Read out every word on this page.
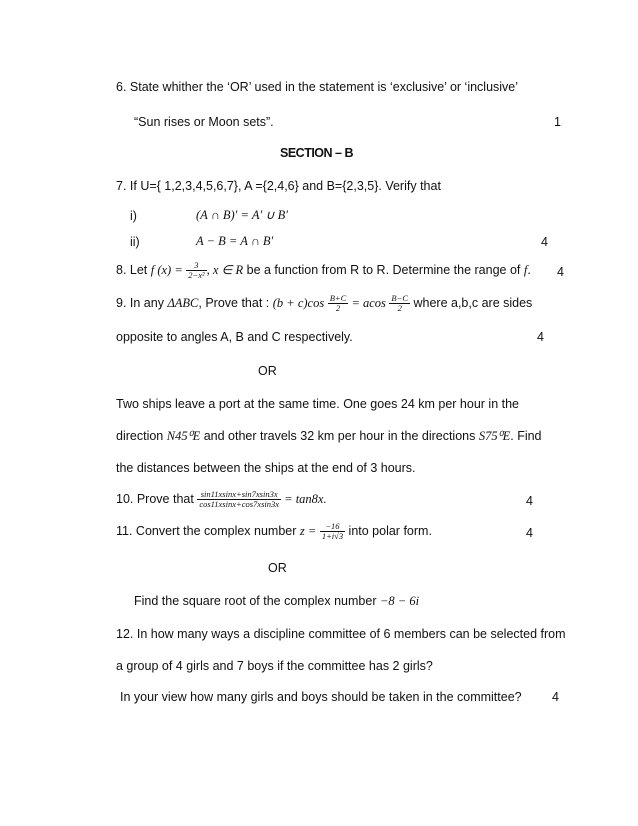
6. State whither the ‘OR’ used in the statement is ‘exclusive’ or ‘inclusive’
“Sun rises or Moon sets”.	1
SECTION – B
7. If U={ 1,2,3,4,5,6,7}, A ={2,4,6} and B={2,3,5}. Verify that
i)	(A ∩ B)′ = A′ ∪ B′
ii)	A − B = A ∩ B′	4
8. Let f $(x) = \frac{3}{\text{2−x²}}$ , x ∈ R be a function from R to R. Determine the range of f. 4
9. In any ΔABC, Prove that : $(b + c)\cos \frac{B+C}{2} = acos \frac{B-C}{2}$ where a,b,c are sides
opposite to angles A, B and C respectively.	4
OR
Two ships leave a port at the same time. One goes 24 km per hour in the
direction N45⁰E and other travels 32 km per hour in the directions S75⁰E. Find
the distances between the ships at the end of 3 hours.
10. Prove that $\frac{\sin 11xsinx+\sin 7xsin3x}{\cos 11xsinx+\cos 7xsin3x} = \tan 8x$.	4
11. Convert the complex number $z = \frac{-16}{1+i√3}$ into polar form.	4
OR
Find the square root of the complex number −8 − 6i
12. In how many ways a discipline committee of 6 members can be selected from
a group of 4 girls and 7 boys if the committee has 2 girls?
In your view how many girls and boys should be taken in the committee? 4
